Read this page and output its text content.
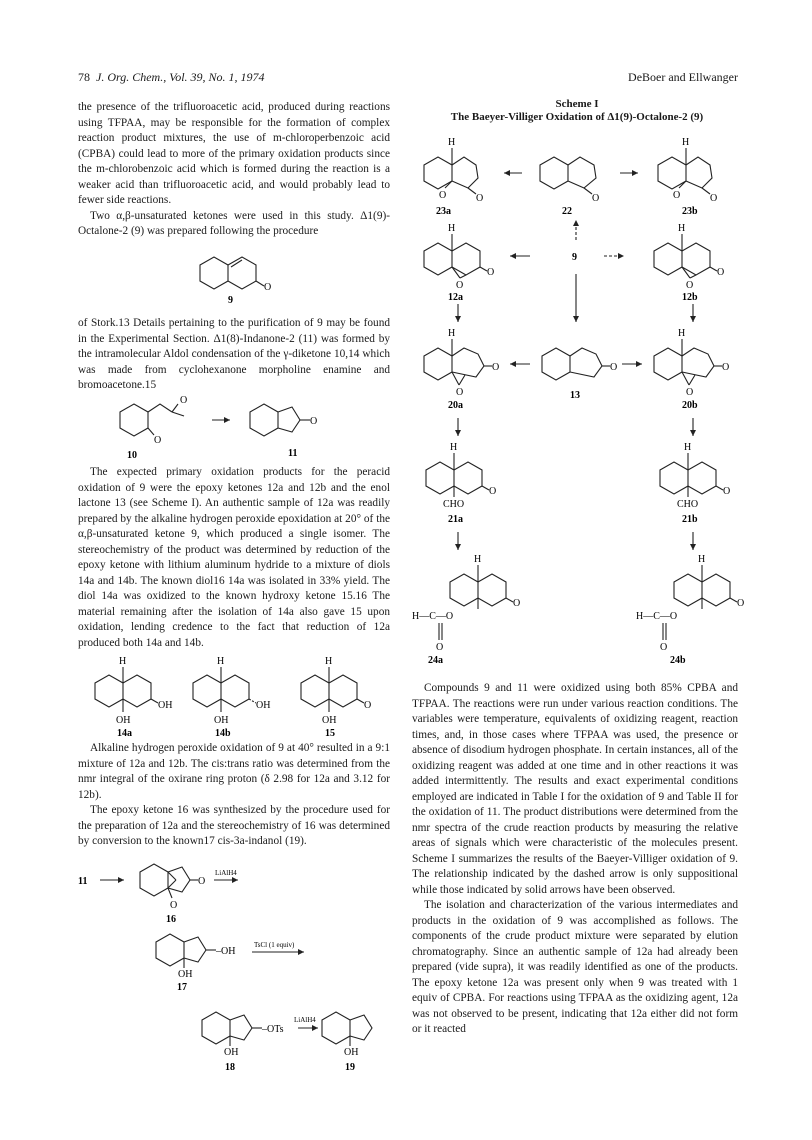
78 J. Org. Chem., Vol. 39, No. 1, 1974	DeBoer and Ellwanger

the presence of the trifluoroacetic acid, produced during reactions using TFPAA, may be responsible for the formation of complex reaction product mixtures, the use of m-chloroperbenzoic acid (CPBA) could lead to more of the primary oxidation products since the m-chlorobenzoic acid which is formed during the reaction is a weaker acid than trifluoroacetic acid, and would probably lead to fewer side reactions.

Two α,β-unsaturated ketones were used in this study. Δ1(9)-Octalone-2 (9) was prepared following the procedure

of Stork.13 Details pertaining to the purification of 9 may be found in the Experimental Section. Δ1(8)-Indanone-2 (11) was formed by the intramolecular Aldol condensation of the γ-diketone 10,14 which was made from cyclohexanone morpholine enamine and bromoacetone.15

The expected primary oxidation products for the peracid oxidation of 9 were the epoxy ketones 12a and 12b and the enol lactone 13 (see Scheme I). An authentic sample of 12a was readily prepared by the alkaline hydrogen peroxide epoxidation at 20° of the α,β-unsaturated ketone 9, which produced a single isomer. The stereochemistry of the product was determined by reduction of the epoxy ketone with lithium aluminum hydride to a mixture of diols 14a and 14b. The known diol16 14a was isolated in 33% yield. The diol 14a was oxidized to the known hydroxy ketone 15.16 The material remaining after the isolation of 14a also gave 15 upon oxidation, lending credence to the fact that reduction of 12a produced both 14a and 14b.

Alkaline hydrogen peroxide oxidation of 9 at 40° resulted in a 9:1 mixture of 12a and 12b. The cis:trans ratio was determined from the nmr integral of the oxirane ring proton (δ 2.98 for 12a and 3.12 for 12b).

The epoxy ketone 16 was synthesized by the procedure used for the preparation of 12a and the stereochemistry of 16 was determined by conversion to the known17 cis-3a-indanol (19).

O
9
O
O
O
10	11
H
OH
OH
14a
H
OH
OH
14b
H
OH
O
15
11	O
O
LiAlH4
16
–OH
OH
TsCl (1 equiv)
17
–OTs
OH
LiAlH4
18
OH
19
Scheme I
The Baeyer-Villiger Oxidation of Δ1(9)-Octalone-2 (9)
H
O	O	O
H
O	O
H
O
O
H
O
O
H
O
O	O
H
O
O
H
CHO
O
H
CHO
O
H
H—C—O
O
O
H
H—C—O
O
O
23a	22	23b
9
12a	12b
20a
13
20b
21a	21b
24a	24b

Compounds 9 and 11 were oxidized using both 85% CPBA and TFPAA. The reactions were run under various reaction conditions. The variables were temperature, equivalents of oxidizing reagent, reaction times, and, in those cases where TFPAA was used, the presence or absence of disodium hydrogen phosphate. In certain instances, all of the oxidizing reagent was added at one time and in other reactions it was added intermittently. The results and exact experimental conditions employed are indicated in Table I for the oxidation of 9 and Table II for the oxidation of 11. The product distributions were determined from the nmr spectra of the crude reaction products by measuring the relative areas of signals which were characteristic of the molecules present. Scheme I summarizes the results of the Baeyer-Villiger oxidation of 9. The relationship indicated by the dashed arrow is only suppositional while those indicated by solid arrows have been observed.

The isolation and characterization of the various intermediates and products in the oxidation of 9 was accomplished as follows. The components of the crude product mixture were separated by elution chromatography. Since an authentic sample of 12a had already been prepared (vide supra), it was readily identified as one of the products. The epoxy ketone 12a was present only when 9 was treated with 1 equiv of CPBA. For reactions using TFPAA as the oxidizing agent, 12a was not observed to be present, indicating that 12a either did not form or it reacted
